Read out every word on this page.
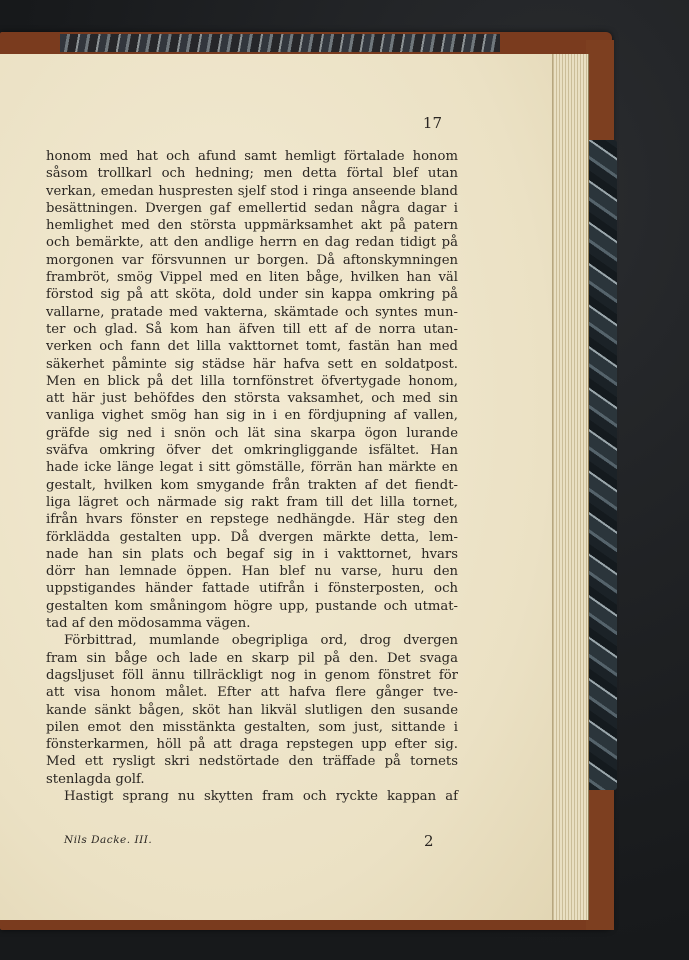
17
honom med hat och afund samt hemligt förtalade honom
såsom trollkarl och hedning; men detta förtal blef utan
verkan, emedan huspresten sjelf stod i ringa anseende bland
besättningen. Dvergen gaf emellertid sedan några dagar i
hemlighet med den största uppmärksamhet akt på patern
och bemärkte, att den andlige herrn en dag redan tidigt på
morgonen var försvunnen ur borgen. Då aftonskymningen
frambröt, smög Vippel med en liten båge, hvilken han väl
förstod sig på att sköta, dold under sin kappa omkring på
vallarne, pratade med vakterna, skämtade och syntes mun-
ter och glad. Så kom han äfven till ett af de norra utan-
verken och fann det lilla vakttornet tomt, fastän han med
säkerhet påminte sig städse här hafva sett en soldatpost.
Men en blick på det lilla tornfönstret öfvertygade honom,
att här just behöfdes den största vaksamhet, och med sin
vanliga vighet smög han sig in i en fördjupning af vallen,
gräfde sig ned i snön och lät sina skarpa ögon lurande
sväfva omkring öfver det omkringliggande isfältet. Han
hade icke länge legat i sitt gömställe, förrän han märkte en
gestalt, hvilken kom smygande från trakten af det fiendt-
liga lägret och närmade sig rakt fram till det lilla tornet,
ifrån hvars fönster en repstege nedhängde. Här steg den
förklädda gestalten upp. Då dvergen märkte detta, lem-
nade han sin plats och begaf sig in i vakttornet, hvars
dörr han lemnade öppen. Han blef nu varse, huru den
uppstigandes händer fattade utifrån i fönsterposten, och
gestalten kom småningom högre upp, pustande och utmat-
tad af den mödosamma vägen.
Förbittrad, mumlande obegripliga ord, drog dvergen
fram sin båge och lade en skarp pil på den. Det svaga
dagsljuset föll ännu tillräckligt nog in genom fönstret för
att visa honom målet. Efter att hafva flere gånger tve-
kande sänkt bågen, sköt han likväl slutligen den susande
pilen emot den misstänkta gestalten, som just, sittande i
fönsterkarmen, höll på att draga repstegen upp efter sig.
Med ett rysligt skri nedstörtade den träffade på tornets
stenlagda golf.
Hastigt sprang nu skytten fram och ryckte kappan af
Nils Dacke. III.	2
